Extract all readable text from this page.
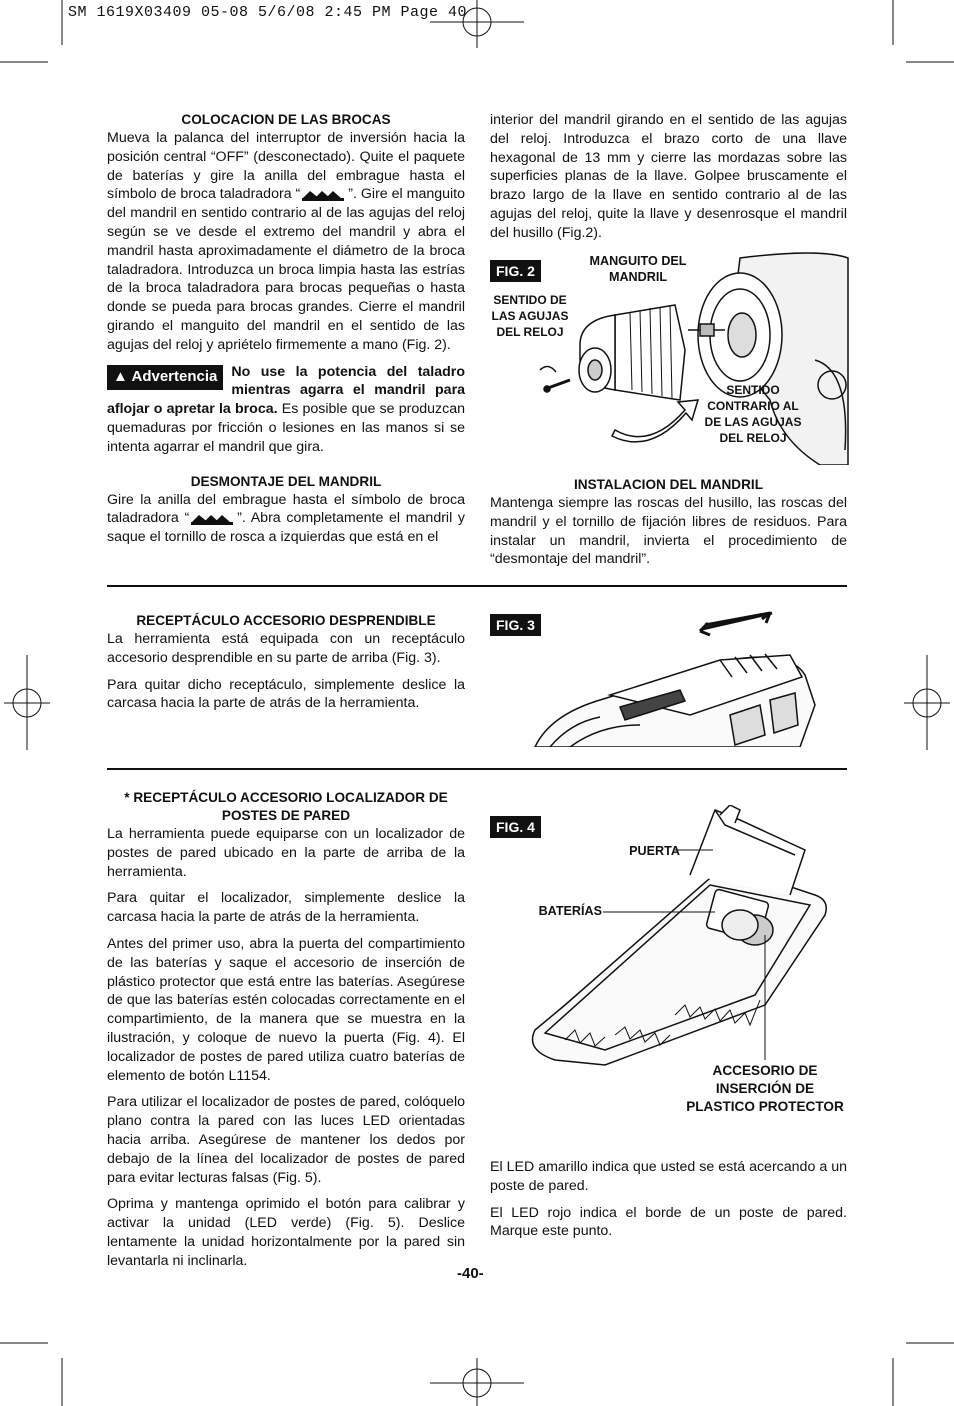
SM 1619X03409 05-08 5/6/08 2:45 PM Page 40

COLOCACION DE LAS BROCAS

Mueva la palanca del interruptor de inversión hacia la posición central “OFF” (desconectado). Quite el paquete de baterías y gire la anilla del embrague hasta el símbolo de broca taladradora “	”. Gire el manguito del mandril en sentido contrario al de las agujas del reloj según se ve desde el extremo del mandril y abra el mandril hasta aproximadamente el diámetro de la broca taladradora. Introduzca un broca limpia hasta las estrías de la broca taladradora para brocas pequeñas o hasta donde se pueda para brocas grandes. Cierre el mandril girando el manguito del mandril en el sentido de las agujas del reloj y apriételo firmemente a mano (Fig. 2).

▲ Advertencia No use la potencia del taladro mientras agarra el mandril para aflojar o apretar la broca. Es posible que se produzcan quemaduras por fricción o lesiones en las manos si se intenta agarrar el mandril que gira.

DESMONTAJE DEL MANDRIL

Gire la anilla del embrague hasta el símbolo de broca taladradora “	”. Abra completamente el mandril y saque el tornillo de rosca a izquierdas que está en el

interior del mandril girando en el sentido de las agujas del reloj. Introduzca el brazo corto de una llave hexagonal de 13 mm y cierre las mordazas sobre las superficies planas de la llave. Golpee bruscamente el brazo largo de la llave en sentido contrario al de las agujas del reloj, quite la llave y desenrosque el mandril del husillo (Fig.2).

FIG. 2
MANGUITO DEL
MANDRIL
SENTIDO DE
LAS AGUJAS
DEL RELOJ
SENTIDO
CONTRARIO AL
DE LAS AGUJAS
DEL RELOJ

INSTALACION DEL MANDRIL

Mantenga siempre las roscas del husillo, las roscas del mandril y el tornillo de fijación libres de residuos. Para instalar un mandril, invierta el procedimiento de “desmontaje del mandril”.

RECEPTÁCULO ACCESORIO DESPRENDIBLE

La herramienta está equipada con un receptáculo accesorio desprendible en su parte de arriba (Fig. 3).

Para quitar dicho receptáculo, simplemente deslice la carcasa hacia la parte de atrás de la herramienta.

FIG. 3

* RECEPTÁCULO ACCESORIO LOCALIZADOR DE POSTES DE PARED

La herramienta puede equiparse con un localizador de postes de pared ubicado en la parte de arriba de la herramienta.

Para quitar el localizador, simplemente deslice la carcasa hacia la parte de atrás de la herramienta.

Antes del primer uso, abra la puerta del compartimiento de las baterías y saque el accesorio de inserción de plástico protector que está entre las baterías. Asegúrese de que las baterías estén colocadas correctamente en el compartimiento, de la manera que se muestra en la ilustración, y coloque de nuevo la puerta (Fig. 4). El localizador de postes de pared utiliza cuatro baterías de elemento de botón L1154.

Para utilizar el localizador de postes de pared, colóquelo plano contra la pared con las luces LED orientadas hacia arriba. Asegúrese de mantener los dedos por debajo de la línea del localizador de postes de pared para evitar lecturas falsas (Fig. 5).

Oprima y mantenga oprimido el botón para calibrar y activar la unidad (LED verde) (Fig. 5). Deslice lentamente la unidad horizontalmente por la pared sin levantarla ni inclinarla.

FIG. 4
PUERTA
BATERÍAS
ACCESORIO DE
INSERCIÓN DE
PLASTICO PROTECTOR

El LED amarillo indica que usted se está acercando a un poste de pared.

El LED rojo indica el borde de un poste de pared. Marque este punto.

-40-
